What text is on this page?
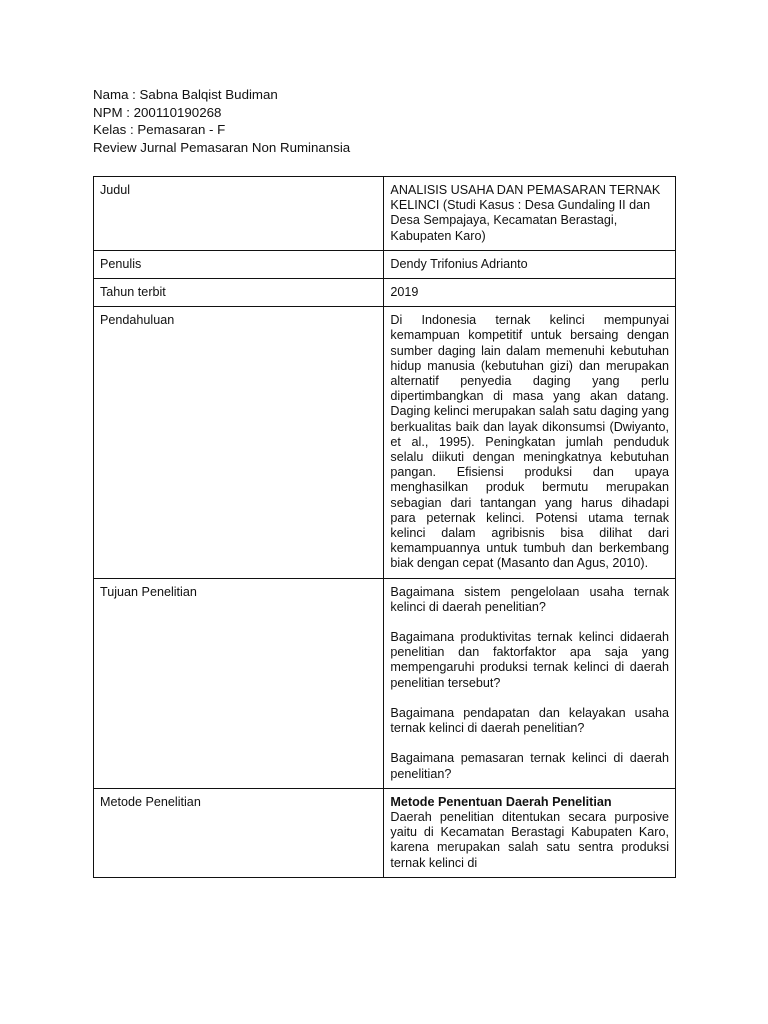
Nama : Sabna Balqist Budiman
NPM : 200110190268
Kelas : Pemasaran - F
Review Jurnal Pemasaran Non Ruminansia
Judul	ANALISIS USAHA DAN PEMASARAN TERNAK KELINCI (Studi Kasus : Desa Gundaling II dan Desa Sempajaya, Kecamatan Berastagi, Kabupaten Karo)
Penulis	Dendy Trifonius Adrianto
Tahun terbit	2019
Pendahuluan	Di Indonesia ternak kelinci mempunyai kemampuan kompetitif untuk bersaing dengan sumber daging lain dalam memenuhi kebutuhan hidup manusia (kebutuhan gizi) dan merupakan alternatif penyedia daging yang perlu dipertimbangkan di masa yang akan datang. Daging kelinci merupakan salah satu daging yang berkualitas baik dan layak dikonsumsi (Dwiyanto, et al., 1995). Peningkatan jumlah penduduk selalu diikuti dengan meningkatnya kebutuhan pangan. Efisiensi produksi dan upaya menghasilkan produk bermutu merupakan sebagian dari tantangan yang harus dihadapi para peternak kelinci. Potensi utama ternak kelinci dalam agribisnis bisa dilihat dari kemampuannya untuk tumbuh dan berkembang biak dengan cepat (Masanto dan Agus, 2010).
Tujuan Penelitian	Bagaimana sistem pengelolaan usaha ternak kelinci di daerah penelitian?
Bagaimana produktivitas ternak kelinci didaerah penelitian dan faktorfaktor apa saja yang mempengaruhi produksi ternak kelinci di daerah penelitian tersebut?
Bagaimana pendapatan dan kelayakan usaha ternak kelinci di daerah penelitian?
Bagaimana pemasaran ternak kelinci di daerah penelitian?

Metode Penelitian	Metode Penentuan Daerah Penelitian
Daerah penelitian ditentukan secara purposive yaitu di Kecamatan Berastagi Kabupaten Karo, karena merupakan salah satu sentra produksi ternak kelinci di
